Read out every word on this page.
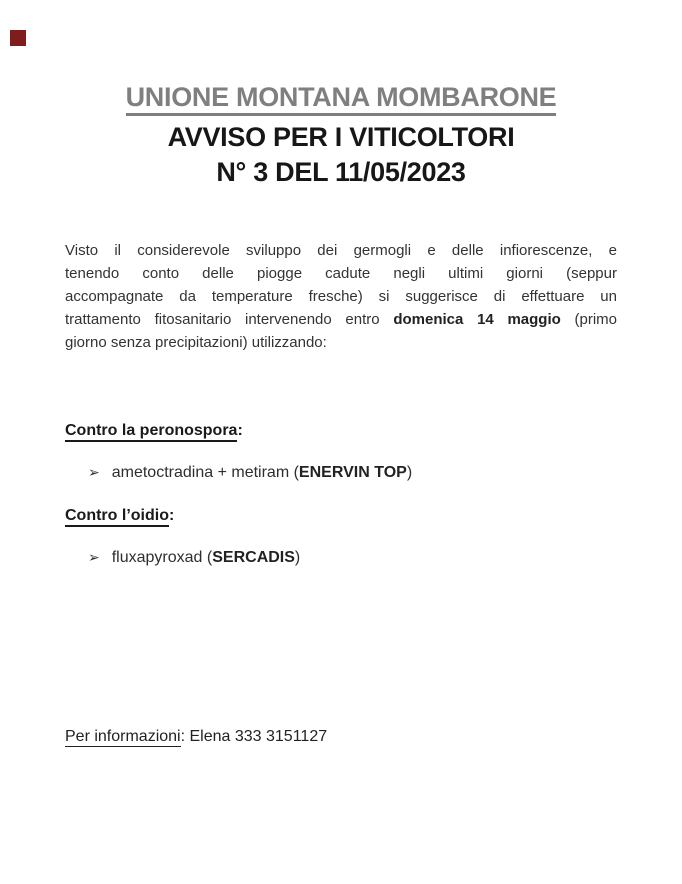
UNIONE MONTANA MOMBARONE
AVVISO PER I VITICOLTORI
N° 3 DEL 11/05/2023
Visto il considerevole sviluppo dei germogli e delle infiorescenze, e
tenendo conto delle piogge cadute negli ultimi giorni (seppur
accompagnate da temperature fresche) si suggerisce di effettuare un
trattamento fitosanitario intervenendo entro domenica 14 maggio (primo
giorno senza precipitazioni) utilizzando:
Contro la peronospora:
➢ ametoctradina + metiram (ENERVIN TOP)
Contro l’oidio:
➢ fluxapyroxad (SERCADIS)
Per informazioni: Elena 333 3151127
